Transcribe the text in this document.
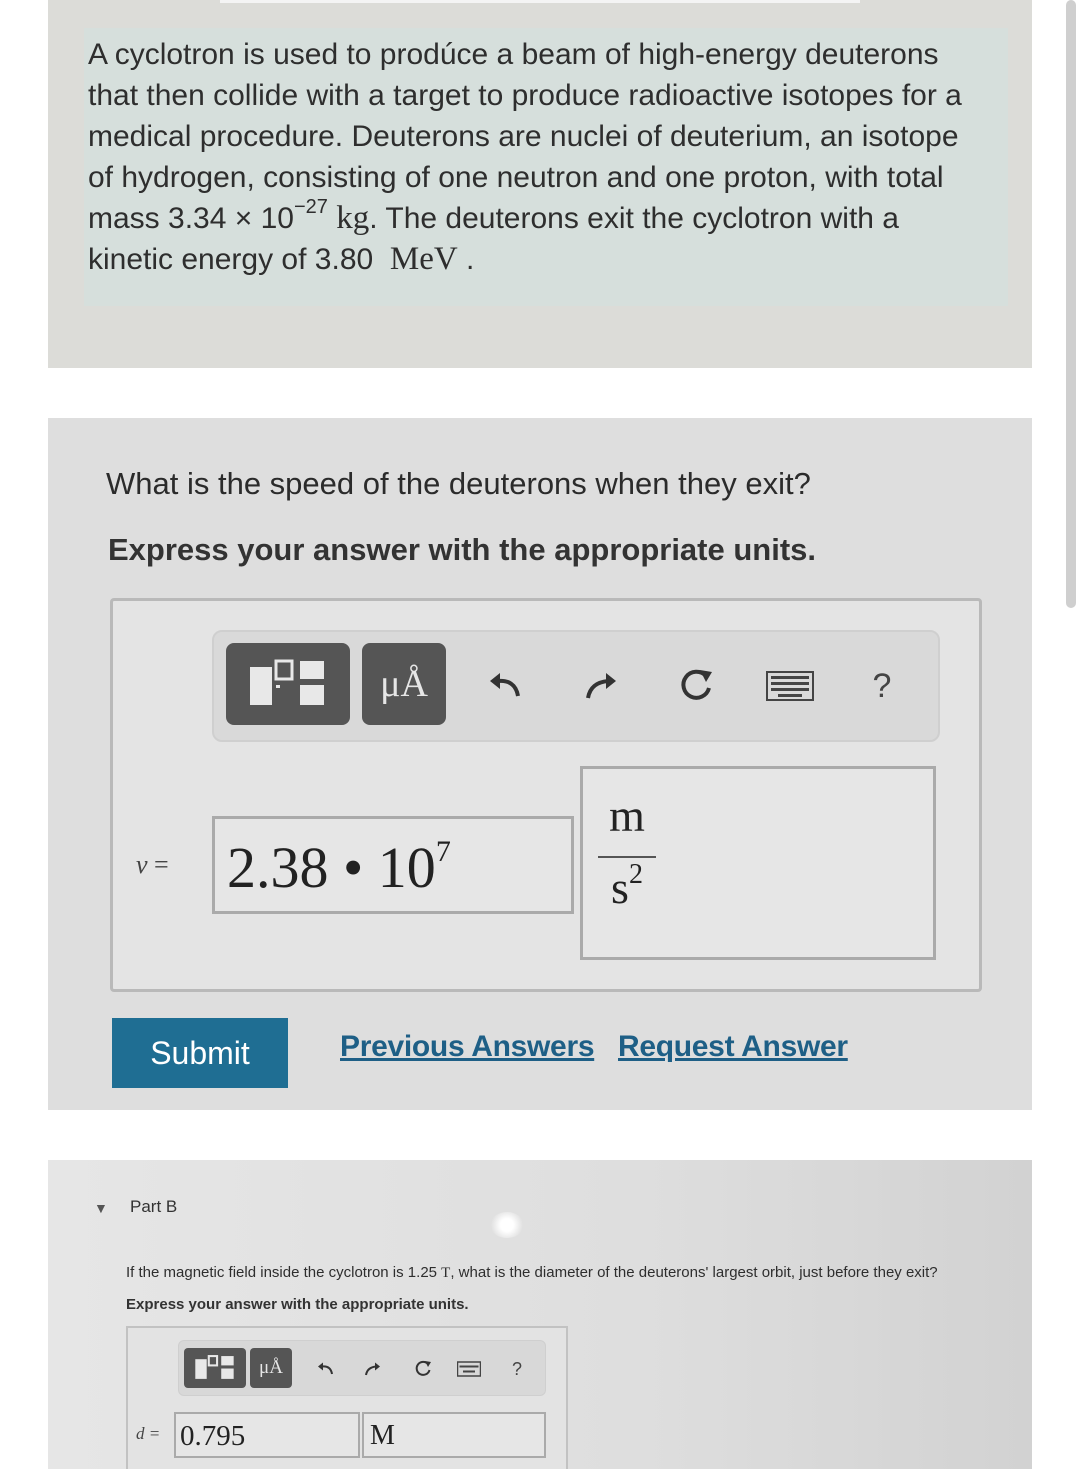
A cyclotron is used to prodúce a beam of high-energy deuterons
that then collide with a target to produce radioactive isotopes for a
medical procedure. Deuterons are nuclei of deuterium, an isotope
of hydrogen, consisting of one neutron and one proton, with total
mass $3.34 \times 10^{-27}$ kg. The deuterons exit the cyclotron with a
kinetic energy of 3.80 MeV .
What is the speed of the deuterons when they exit?
Express your answer with the appropriate units.
μÅ	?
v = 2.38 • $10^7$
m
$s^2$
Submit	Previous Answers Request Answer
▼ Part B
If the magnetic field inside the cyclotron is 1.25 T, what is the diameter of the deuterons' largest orbit, just before they exit?
Express your answer with the appropriate units.
μÅ	?
d = 0.795	M
